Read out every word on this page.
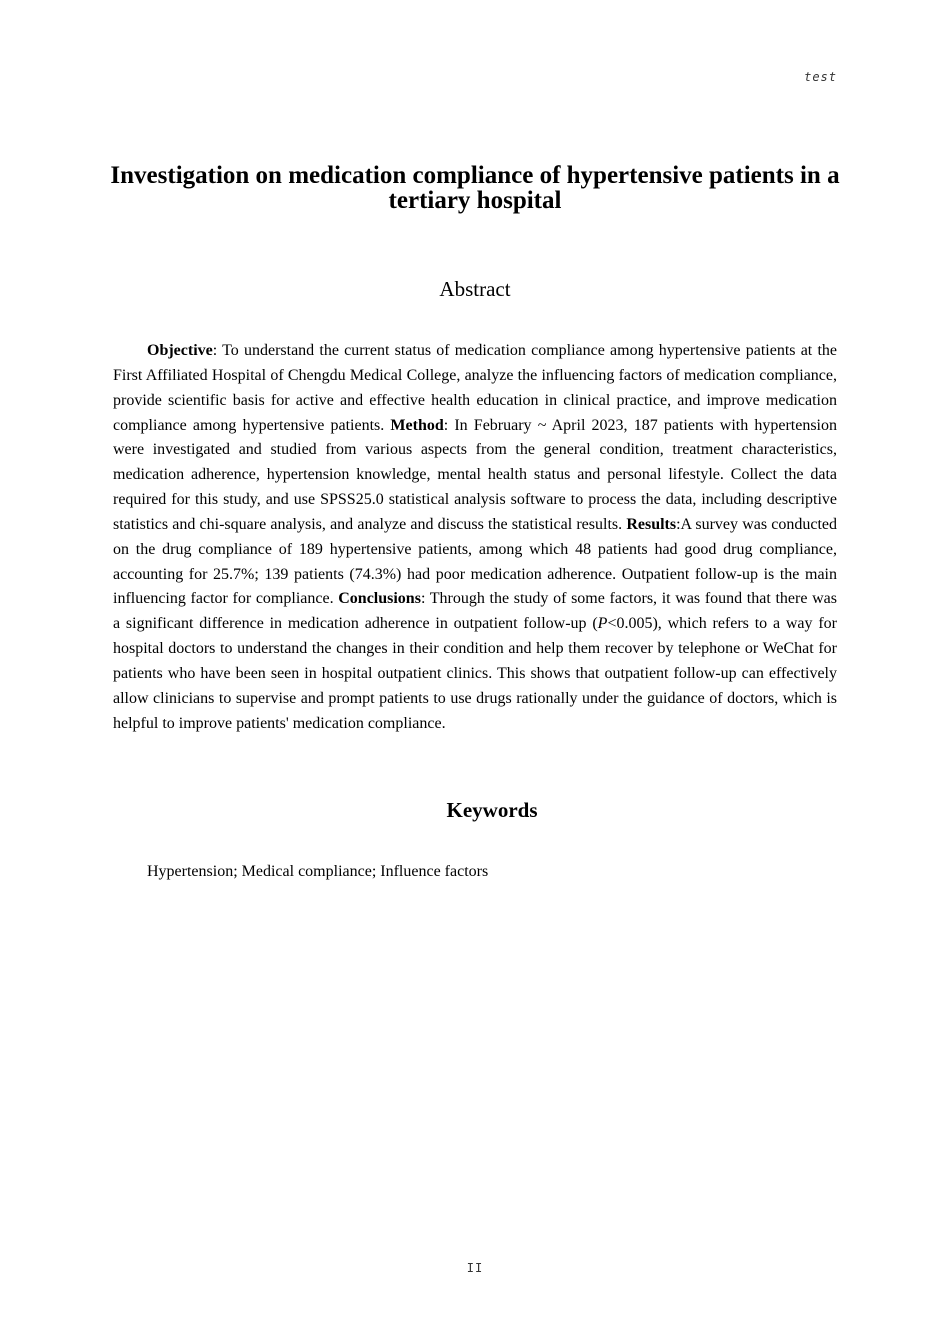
test
Investigation on medication compliance of hypertensive patients in a tertiary hospital
Abstract

Objective: To understand the current status of medication compliance among hypertensive patients at the First Affiliated Hospital of Chengdu Medical College, analyze the influencing factors of medication compliance, provide scientific basis for active and effective health education in clinical practice, and improve medication compliance among hypertensive patients. Method: In February ~ April 2023, 187 patients with hypertension were investigated and studied from various aspects from the general condition, treatment characteristics, medication adherence, hypertension knowledge, mental health status and personal lifestyle. Collect the data required for this study, and use SPSS25.0 statistical analysis software to process the data, including descriptive statistics and chi-square analysis, and analyze and discuss the statistical results. Results:A survey was conducted on the drug compliance of 189 hypertensive patients, among which 48 patients had good drug compliance, accounting for 25.7%; 139 patients (74.3%) had poor medication adherence. Outpatient follow-up is the main influencing factor for compliance. Conclusions: Through the study of some factors, it was found that there was a significant difference in medication adherence in outpatient follow-up (P<0.005), which refers to a way for hospital doctors to understand the changes in their condition and help them recover by telephone or WeChat for patients who have been seen in hospital outpatient clinics. This shows that outpatient follow-up can effectively allow clinicians to supervise and prompt patients to use drugs rationally under the guidance of doctors, which is helpful to improve patients' medication compliance.

Keywords

Hypertension; Medical compliance; Influence factors

II
